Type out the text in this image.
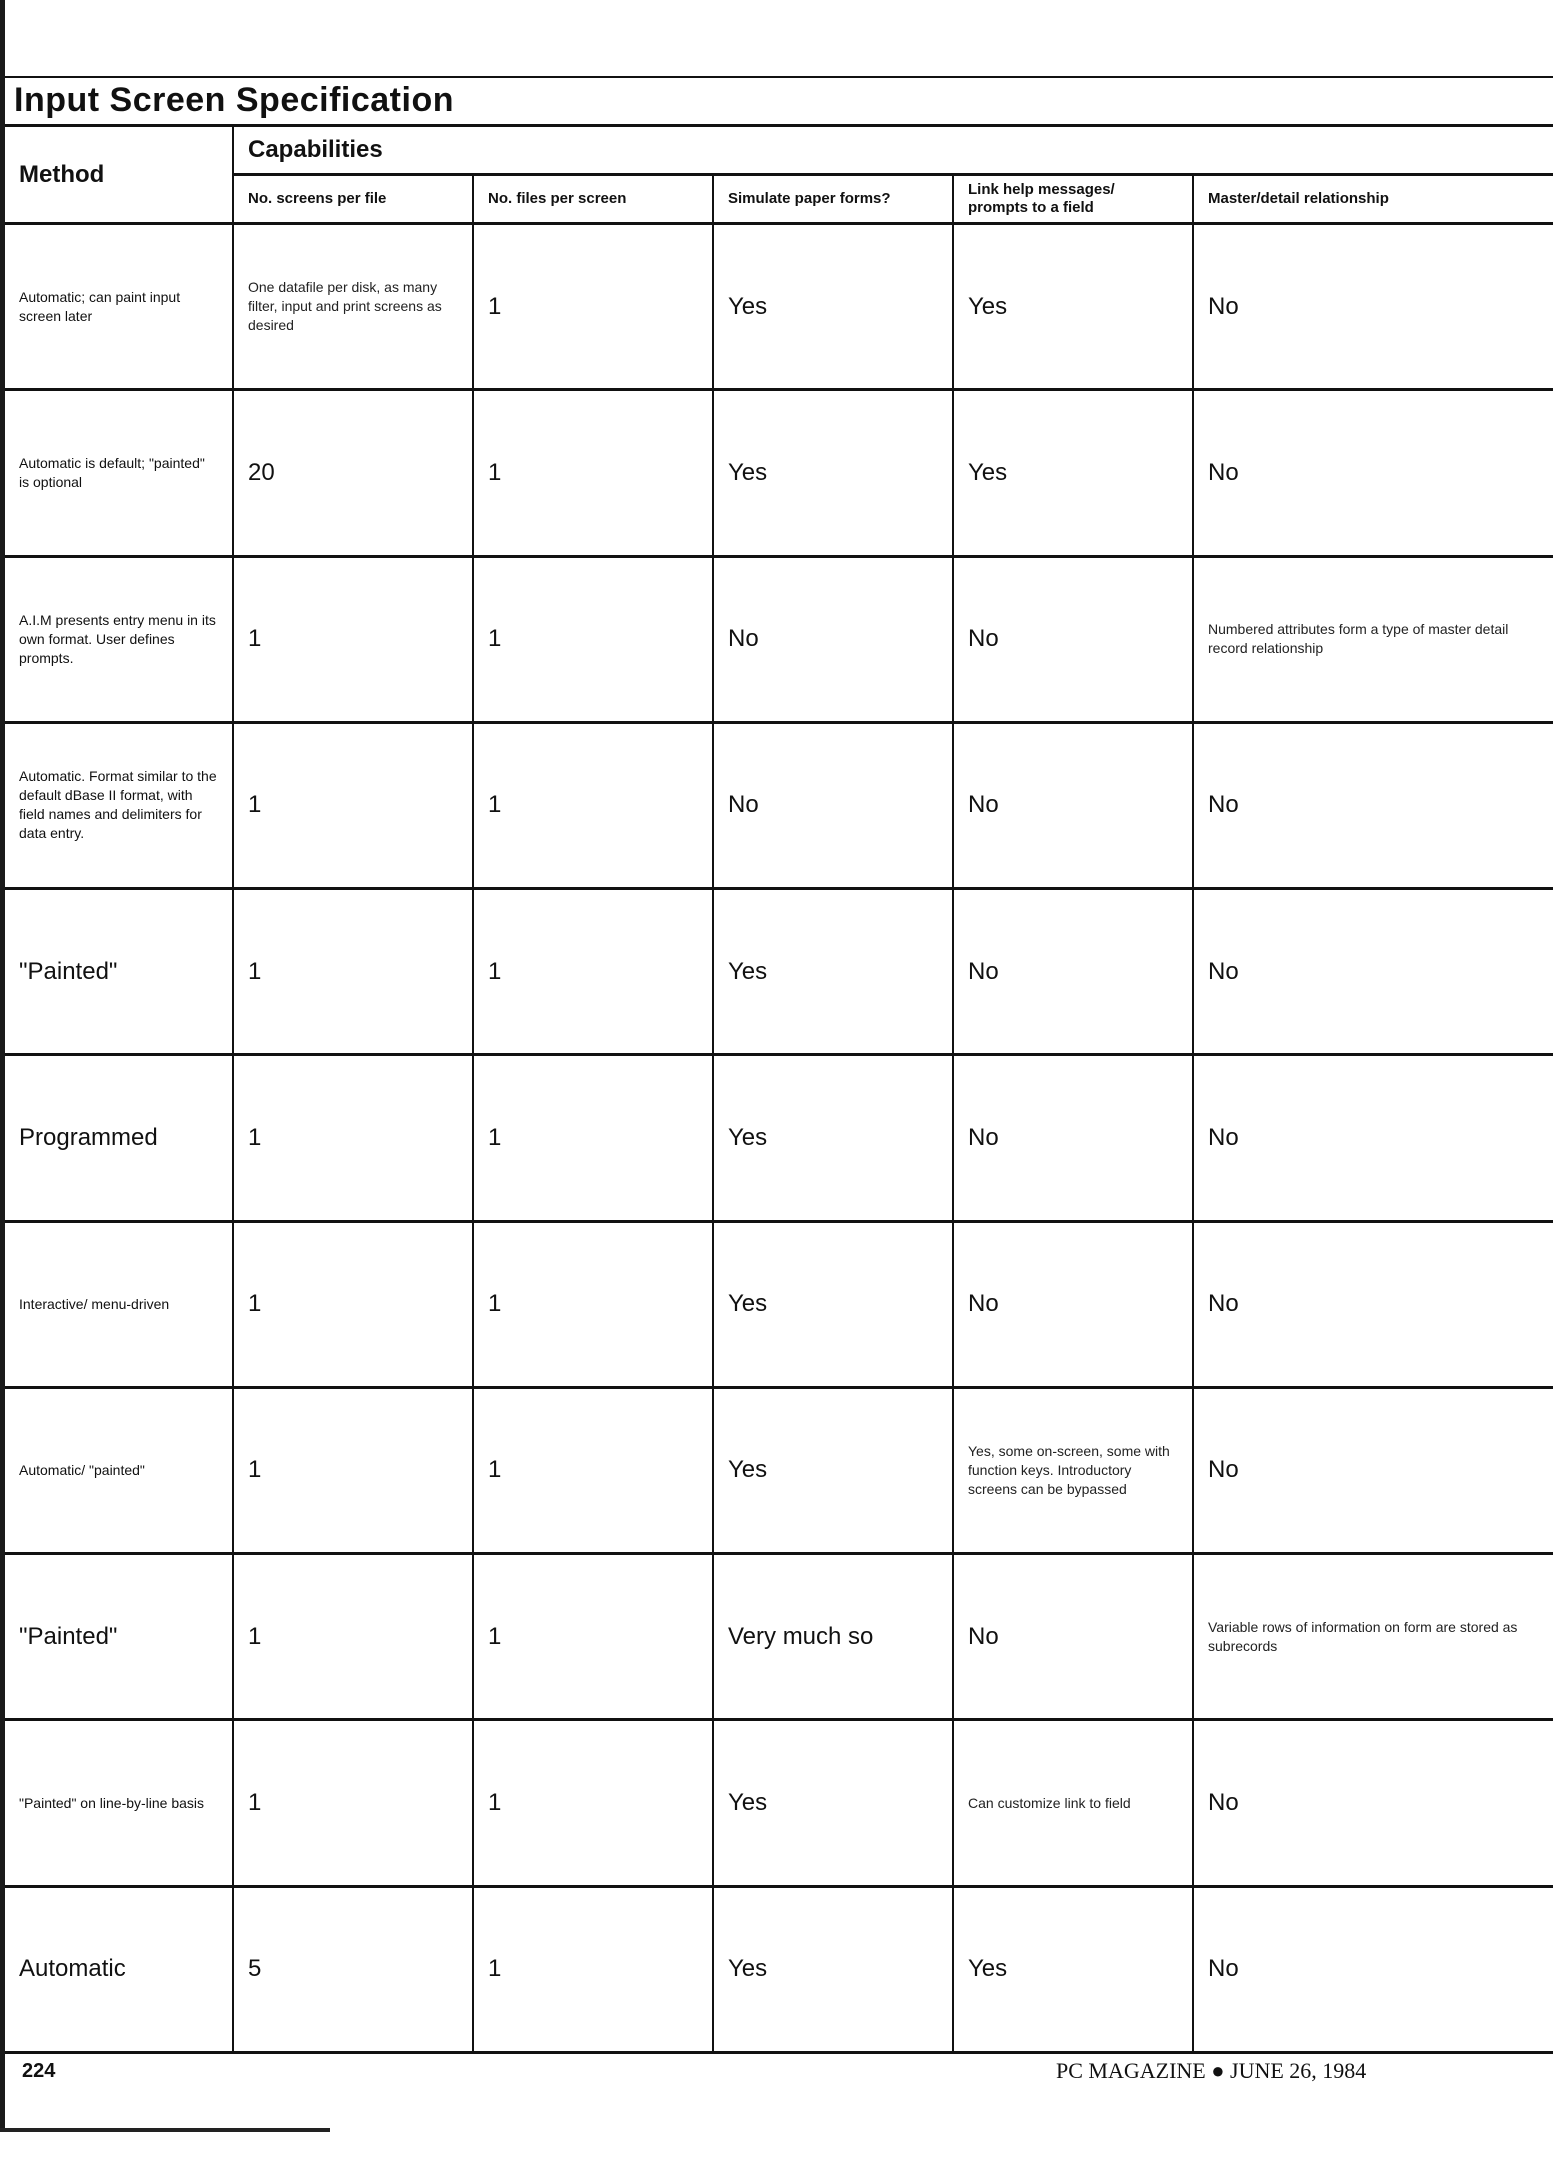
Input Screen Specification
Method	Capabilities				
	No. screens per file	No. files per screen	Simulate paper forms?	Link help messages/ prompts to a field	Master/detail relationship
Automatic; can paint input screen later	One datafile per disk, as many filter, input and print screens as desired	1	Yes	Yes	No
Automatic is default; "painted" is optional	20	1	Yes	Yes	No
A.I.M presents entry menu in its own format. User defines prompts.	1	1	No	No	Numbered attributes form a type of master detail record relationship
Automatic. Format similar to the default dBase II format, with field names and delimiters for data entry.	1	1	No	No	No
"Painted"	1	1	Yes	No	No
Programmed	1	1	Yes	No	No
Interactive/ menu-driven	1	1	Yes	No	No
Automatic/ "painted"	1	1	Yes	Yes, some on-screen, some with function keys. Introductory screens can be bypassed	No
"Painted"	1	1	Very much so	No	Variable rows of information on form are stored as subrecords
"Painted" on line-by-line basis	1	1	Yes	Can customize link to field	No
Automatic	5	1	Yes	Yes	No
224	PC MAGAZINE ● JUNE 26, 1984
